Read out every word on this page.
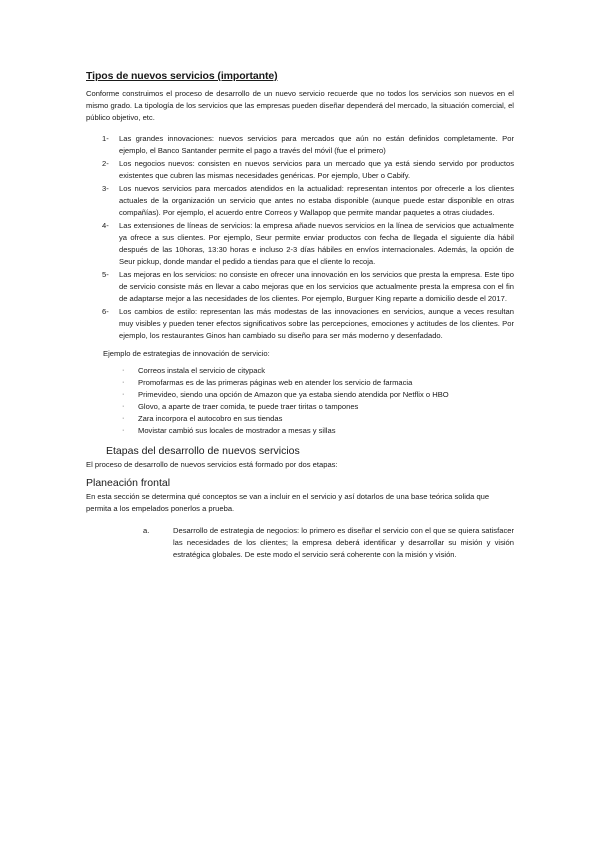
Tipos de nuevos servicios (importante)

Conforme construimos el proceso de desarrollo de un nuevo servicio recuerde que no todos los servicios son nuevos en el mismo grado. La tipología de los servicios que las empresas pueden diseñar dependerá del mercado, la situación comercial, el público objetivo, etc.

1- Las grandes innovaciones: nuevos servicios para mercados que aún no están definidos completamente. Por ejemplo, el Banco Santander permite el pago a través del móvil (fue el primero)
2- Los negocios nuevos: consisten en nuevos servicios para un mercado que ya está siendo servido por productos existentes que cubren las mismas necesidades genéricas. Por ejemplo, Uber o Cabify.
3- Los nuevos servicios para mercados atendidos en la actualidad: representan intentos por ofrecerle a los clientes actuales de la organización un servicio que antes no estaba disponible (aunque puede estar disponible en otras compañías). Por ejemplo, el acuerdo entre Correos y Wallapop que permite mandar paquetes a otras ciudades.
4- Las extensiones de líneas de servicios: la empresa añade nuevos servicios en la línea de servicios que actualmente ya ofrece a sus clientes. Por ejemplo, Seur permite enviar productos con fecha de llegada el siguiente día hábil después de las 10horas, 13:30 horas e incluso 2-3 días hábiles en envíos internacionales. Además, la opción de Seur pickup, donde mandar el pedido a tiendas para que el cliente lo recoja.
5- Las mejoras en los servicios: no consiste en ofrecer una innovación en los servicios que presta la empresa. Este tipo de servicio consiste más en llevar a cabo mejoras que en los servicios que actualmente presta la empresa con el fin de adaptarse mejor a las necesidades de los clientes. Por ejemplo, Burguer King reparte a domicilio desde el 2017.
6- Los cambios de estilo: representan las más modestas de las innovaciones en servicios, aunque a veces resultan muy visibles y pueden tener efectos significativos sobre las percepciones, emociones y actitudes de los clientes. Por ejemplo, los restaurantes Ginos han cambiado su diseño para ser más moderno y desenfadado.

Ejemplo de estrategias de innovación de servicio:

· Correos instala el servicio de citypack
· Promofarmas es de las primeras páginas web en atender los servicio de farmacia
· Primevideo, siendo una opción de Amazon que ya estaba siendo atendida por Netflix o HBO
· Glovo, a aparte de traer comida, te puede traer tiritas o tampones
· Zara incorpora el autocobro en sus tiendas
· Movistar cambió sus locales de mostrador a mesas y sillas
Etapas del desarrollo de nuevos servicios

El proceso de desarrollo de nuevos servicios está formado por dos etapas:

Planeación frontal

En esta sección se determina qué conceptos se van a incluir en el servicio y así dotarlos de una base teórica solida que permita a los empelados ponerlos a prueba.

a.	Desarrollo de estrategia de negocios: lo primero es diseñar el servicio con el que se quiera satisfacer las necesidades de los clientes; la empresa deberá identificar y desarrollar su misión y visión estratégica globales. De este modo el servicio será coherente con la misión y visión.
